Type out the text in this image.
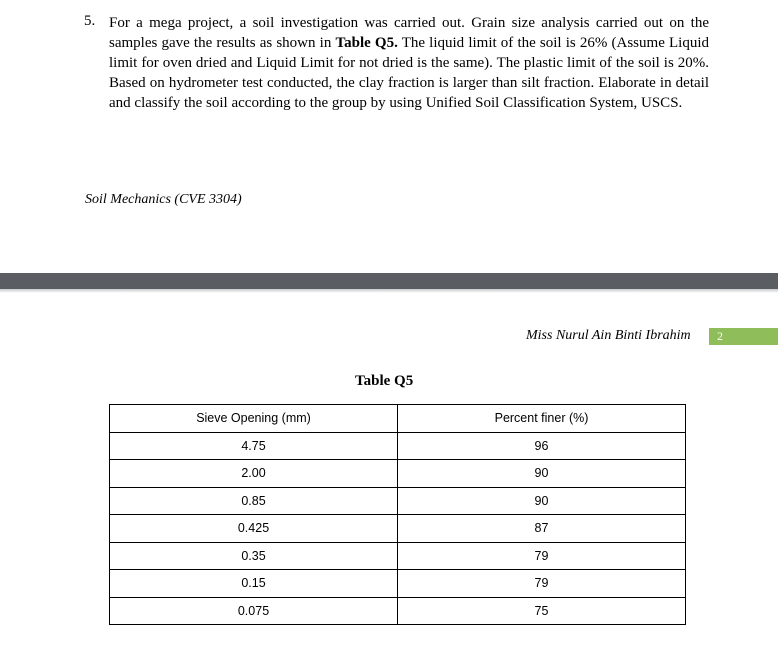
5. For a mega project, a soil investigation was carried out. Grain size analysis carried out on the samples gave the results as shown in Table Q5. The liquid limit of the soil is 26% (Assume Liquid limit for oven dried and Liquid Limit for not dried is the same). The plastic limit of the soil is 20%. Based on hydrometer test conducted, the clay fraction is larger than silt fraction. Elaborate in detail and classify the soil according to the group by using Unified Soil Classification System, USCS.
Soil Mechanics (CVE 3304)
Miss Nurul Ain Binti Ibrahim	2
Table Q5
Sieve Opening (mm)	Percent finer (%)
4.75	96
2.00	90
0.85	90
0.425	87
0.35	79
0.15	79
0.075	75
